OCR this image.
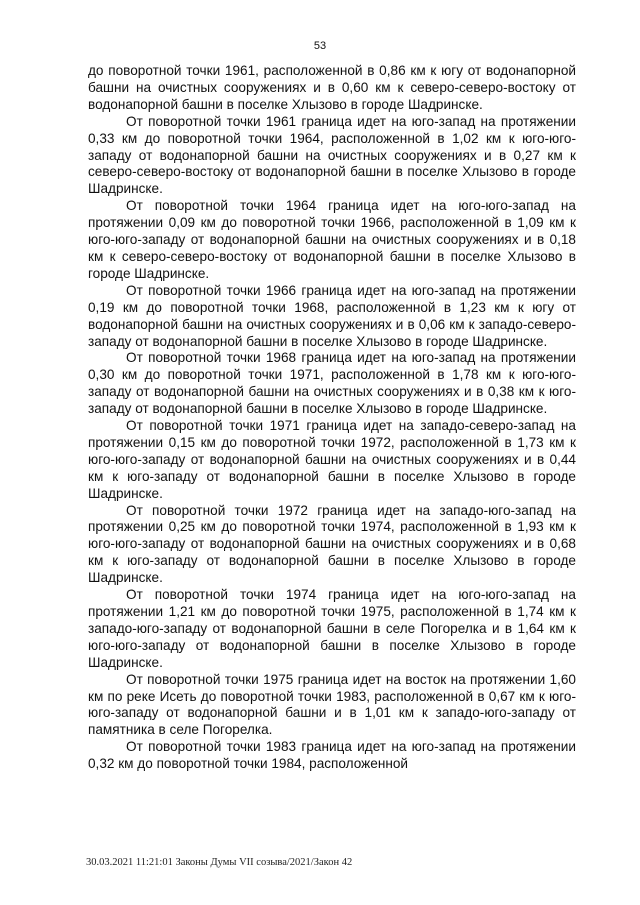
53

до поворотной точки 1961, расположенной в 0,86 км к югу от водонапорной башни на очистных сооружениях и в 0,60 км к северо-северо-востоку от водонапорной башни в поселке Хлызово в городе Шадринске.

От поворотной точки 1961 граница идет на юго-запад на протяжении 0,33 км до поворотной точки 1964, расположенной в 1,02 км к юго-юго-западу от водонапорной башни на очистных сооружениях и в 0,27 км к северо-северо-востоку от водонапорной башни в поселке Хлызово в городе Шадринске.

От поворотной точки 1964 граница идет на юго-юго-запад на протяжении 0,09 км до поворотной точки 1966, расположенной в 1,09 км к юго-юго-западу от водонапорной башни на очистных сооружениях и в 0,18 км к северо-северо-востоку от водонапорной башни в поселке Хлызово в городе Шадринске.

От поворотной точки 1966 граница идет на юго-запад на протяжении 0,19 км до поворотной точки 1968, расположенной в 1,23 км к югу от водонапорной башни на очистных сооружениях и в 0,06 км к западо-северо-западу от водонапорной башни в поселке Хлызово в городе Шадринске.

От поворотной точки 1968 граница идет на юго-запад на протяжении 0,30 км до поворотной точки 1971, расположенной в 1,78 км к юго-юго-западу от водонапорной башни на очистных сооружениях и в 0,38 км к юго-западу от водонапорной башни в поселке Хлызово в городе Шадринске.

От поворотной точки 1971 граница идет на западо-северо-запад на протяжении 0,15 км до поворотной точки 1972, расположенной в 1,73 км к юго-юго-западу от водонапорной башни на очистных сооружениях и в 0,44 км к юго-западу от водонапорной башни в поселке Хлызово в городе Шадринске.

От поворотной точки 1972 граница идет на западо-юго-запад на протяжении 0,25 км до поворотной точки 1974, расположенной в 1,93 км к юго-юго-западу от водонапорной башни на очистных сооружениях и в 0,68 км к юго-западу от водонапорной башни в поселке Хлызово в городе Шадринске.

От поворотной точки 1974 граница идет на юго-юго-запад на протяжении 1,21 км до поворотной точки 1975, расположенной в 1,74 км к западо-юго-западу от водонапорной башни в селе Погорелка и в 1,64 км к юго-юго-западу от водонапорной башни в поселке Хлызово в городе Шадринске.

От поворотной точки 1975 граница идет на восток на протяжении 1,60 км по реке Исеть до поворотной точки 1983, расположенной в 0,67 км к юго-юго-западу от водонапорной башни и в 1,01 км к западо-юго-западу от памятника в селе Погорелка.

От поворотной точки 1983 граница идет на юго-запад на протяжении 0,32 км до поворотной точки 1984, расположенной

30.03.2021 11:21:01 Законы Думы VII созыва/2021/Закон 42
